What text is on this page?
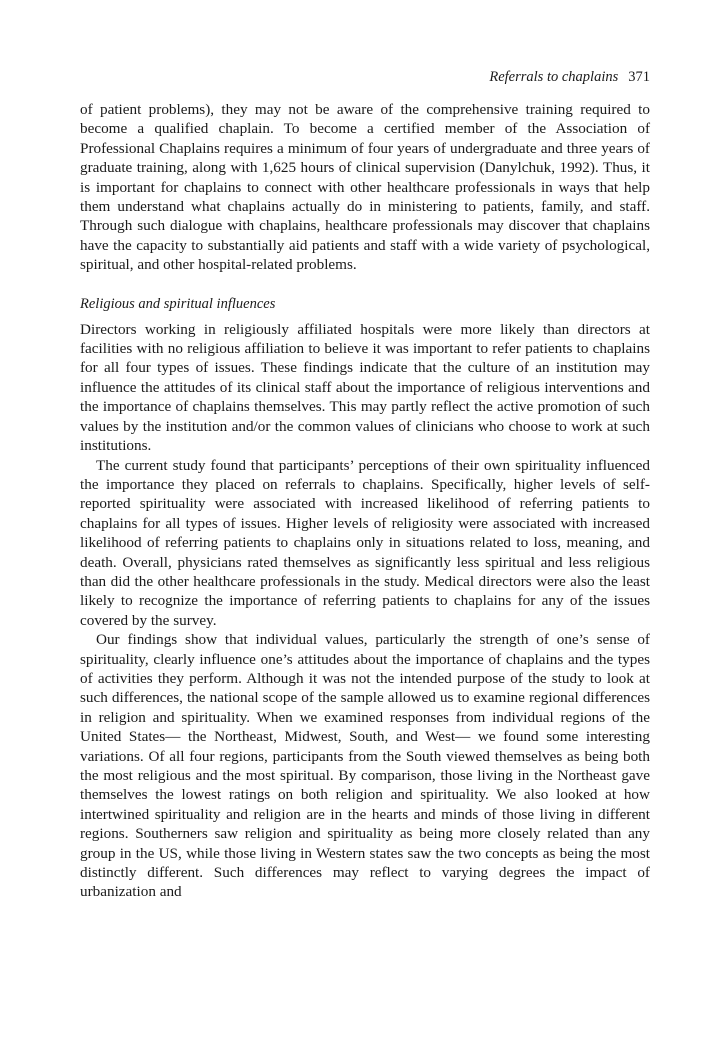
Referrals to chaplains 371

of patient problems), they may not be aware of the comprehensive training required to become a qualified chaplain. To become a certified member of the Association of Professional Chaplains requires a minimum of four years of undergraduate and three years of graduate training, along with 1,625 hours of clinical supervision (Danylchuk, 1992). Thus, it is important for chaplains to connect with other healthcare professionals in ways that help them understand what chaplains actually do in ministering to patients, family, and staff. Through such dialogue with chaplains, healthcare professionals may discover that chaplains have the capacity to substantially aid patients and staff with a wide variety of psychological, spiritual, and other hospital-related problems.

Religious and spiritual influences

Directors working in religiously affiliated hospitals were more likely than directors at facilities with no religious affiliation to believe it was important to refer patients to chaplains for all four types of issues. These findings indicate that the culture of an institution may influence the attitudes of its clinical staff about the importance of religious interventions and the importance of chaplains themselves. This may partly reflect the active promotion of such values by the institution and/or the common values of clinicians who choose to work at such institutions.

The current study found that participants’ perceptions of their own spirituality influenced the importance they placed on referrals to chaplains. Specifically, higher levels of self-reported spirituality were associated with increased likelihood of referring patients to chaplains for all types of issues. Higher levels of religiosity were associated with increased likelihood of referring patients to chaplains only in situations related to loss, meaning, and death. Overall, physicians rated themselves as significantly less spiritual and less religious than did the other healthcare professionals in the study. Medical directors were also the least likely to recognize the importance of referring patients to chaplains for any of the issues covered by the survey.

Our findings show that individual values, particularly the strength of one’s sense of spirituality, clearly influence one’s attitudes about the importance of chaplains and the types of activities they perform. Although it was not the intended purpose of the study to look at such differences, the national scope of the sample allowed us to examine regional differences in religion and spirituality. When we examined responses from individual regions of the United States— the Northeast, Midwest, South, and West— we found some interesting variations. Of all four regions, participants from the South viewed themselves as being both the most religious and the most spiritual. By comparison, those living in the Northeast gave themselves the lowest ratings on both religion and spirituality. We also looked at how intertwined spirituality and religion are in the hearts and minds of those living in different regions. Southerners saw religion and spirituality as being more closely related than any group in the US, while those living in Western states saw the two concepts as being the most distinctly different. Such differences may reflect to varying degrees the impact of urbanization and
